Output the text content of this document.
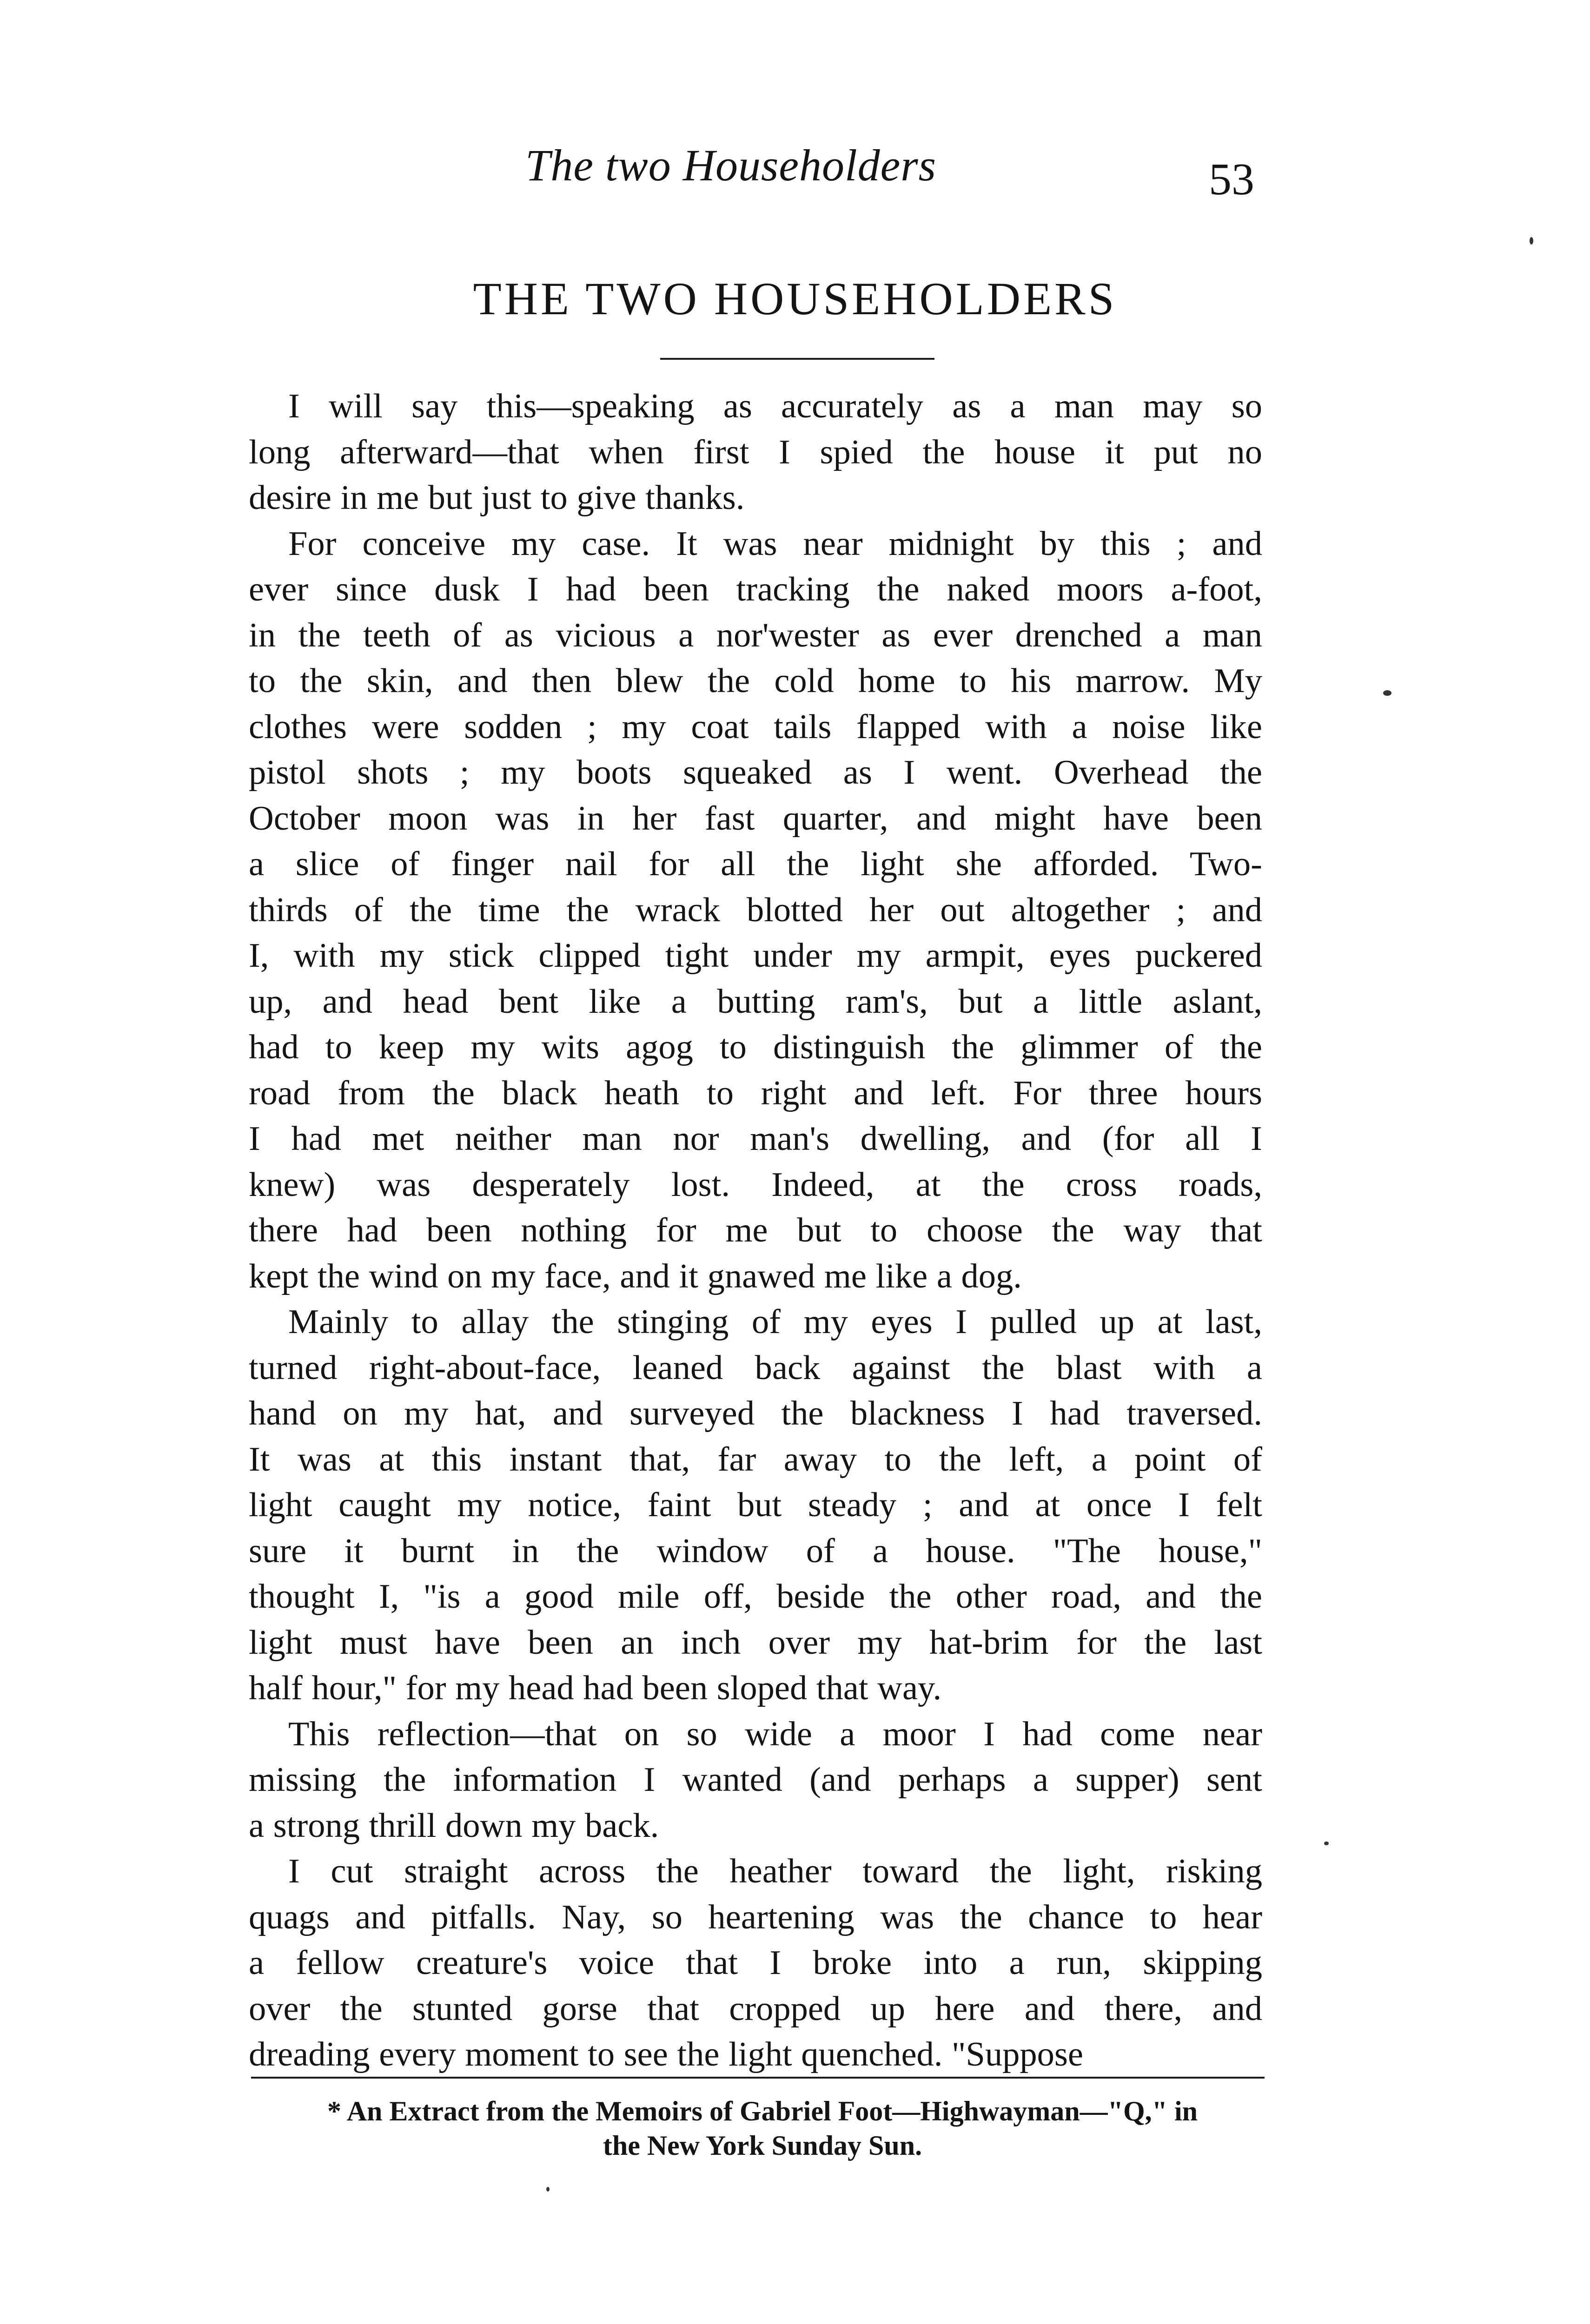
The two Householders	53
THE TWO HOUSEHOLDERS

I will say this—speaking as accurately as a man may so
long afterward—that when first I spied the house it put no
desire in me but just to give thanks.

For conceive my case. It was near midnight by this ; and
ever since dusk I had been tracking the naked moors a-foot,
in the teeth of as vicious a nor'wester as ever drenched a man
to the skin, and then blew the cold home to his marrow. My
clothes were sodden ; my coat tails flapped with a noise like
pistol shots ; my boots squeaked as I went. Overhead the
October moon was in her fast quarter, and might have been
a slice of finger nail for all the light she afforded. Two-
thirds of the time the wrack blotted her out altogether ; and
I, with my stick clipped tight under my armpit, eyes puckered
up, and head bent like a butting ram's, but a little aslant,
had to keep my wits agog to distinguish the glimmer of the
road from the black heath to right and left. For three hours
I had met neither man nor man's dwelling, and (for all I
knew) was desperately lost. Indeed, at the cross roads,
there had been nothing for me but to choose the way that
kept the wind on my face, and it gnawed me like a dog.

Mainly to allay the stinging of my eyes I pulled up at last,
turned right-about-face, leaned back against the blast with a
hand on my hat, and surveyed the blackness I had traversed.
It was at this instant that, far away to the left, a point of
light caught my notice, faint but steady ; and at once I felt
sure it burnt in the window of a house. "The house,"
thought I, "is a good mile off, beside the other road, and the
light must have been an inch over my hat-brim for the last
half hour," for my head had been sloped that way.

This reflection—that on so wide a moor I had come near
missing the information I wanted (and perhaps a supper) sent
a strong thrill down my back.

I cut straight across the heather toward the light, risking
quags and pitfalls. Nay, so heartening was the chance to hear
a fellow creature's voice that I broke into a run, skipping
over the stunted gorse that cropped up here and there, and
dreading every moment to see the light quenched. "Suppose

* An Extract from the Memoirs of Gabriel Foot—Highwayman—"Q," in
the New York Sunday Sun.
